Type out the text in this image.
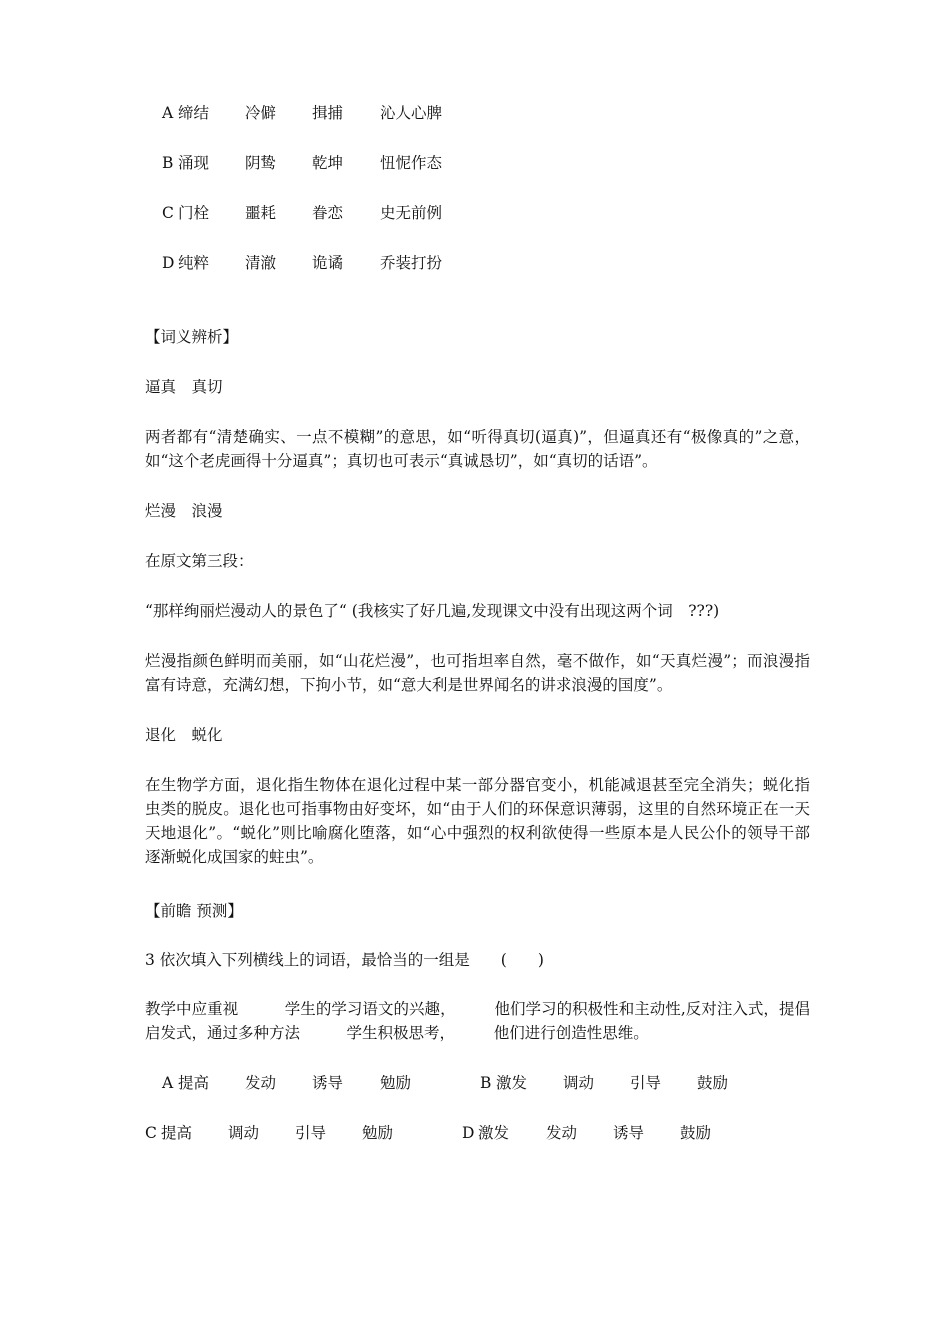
A 缔结 冷僻 揖捕 沁人心脾
B 涌现 阴鸷 乾坤 忸怩作态
C 门栓 噩耗 眷恋 史无前例
D 纯粹 清澈 诡谲 乔装打扮
【词义辨析】
逼真　真切
两者都有“清楚确实、一点不模糊”的意思，如“听得真切(逼真)”，但逼真还有“极像真的”之意，如“这个老虎画得十分逼真”；真切也可表示“真诚恳切”，如“真切的话语”。
烂漫　浪漫
在原文第三段：
“那样绚丽烂漫动人的景色了“ (我核实了好几遍,发现课文中没有出现这两个词　???)
烂漫指颜色鲜明而美丽，如“山花烂漫”，也可指坦率自然，毫不做作，如“天真烂漫”；而浪漫指富有诗意，充满幻想，下拘小节，如“意大利是世界闻名的讲求浪漫的国度”。
退化　蜕化
在生物学方面，退化指生物体在退化过程中某一部分器官变小，机能减退甚至完全消失；蜕化指虫类的脱皮。退化也可指事物由好变坏，如“由于人们的环保意识薄弱，这里的自然环境正在一天天地退化”。“蜕化”则比喻腐化堕落，如“心中强烈的权利欲使得一些原本是人民公仆的领导干部逐渐蜕化成国家的蛀虫”。
【前瞻 预测】
3 依次填入下列横线上的词语，最恰当的一组是　　(　　)
教学中应重视　　　学生的学习语文的兴趣，　　　他们学习的积极性和主动性,反对注入式，提倡启发式，通过多种方法　　　学生积极思考，　　　他们进行创造性思维。
A 提高 发动 诱导 勉励	B 激发 调动 引导 鼓励
C 提高 调动 引导 勉励	D 激发 发动 诱导 鼓励
